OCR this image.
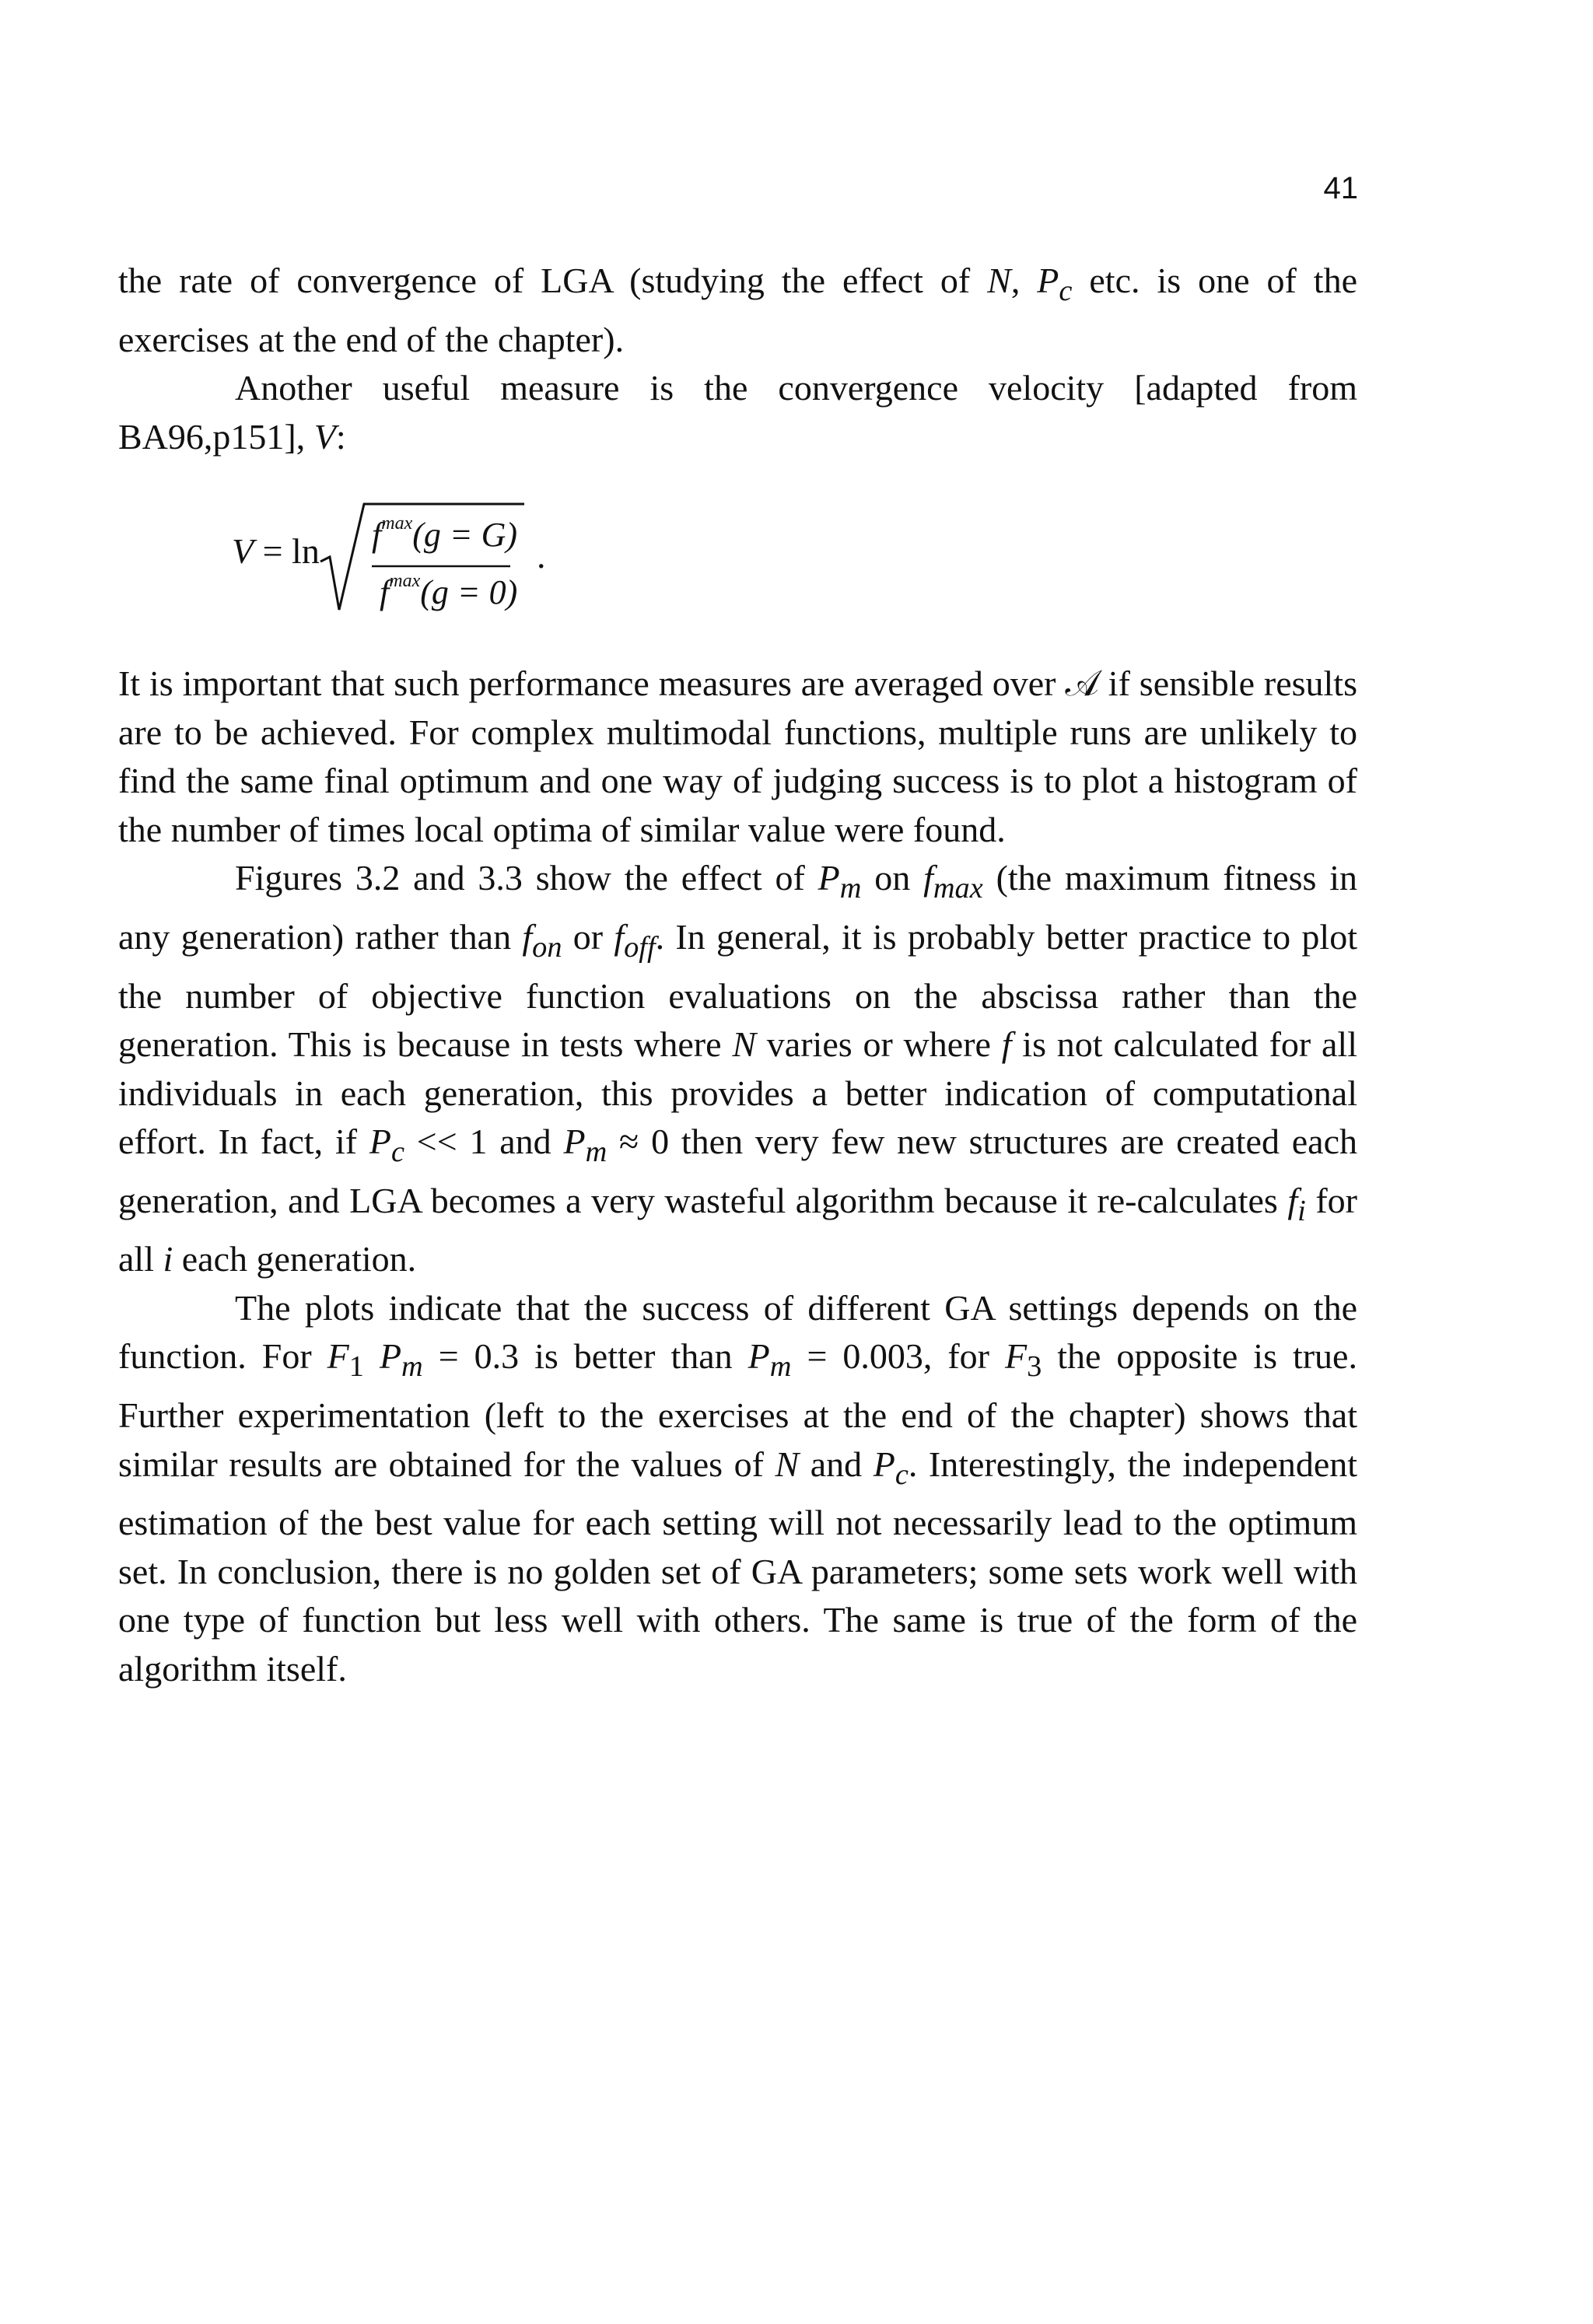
41

the rate of convergence of LGA (studying the effect of N, $P_c$ etc. is one of the exercises at the end of the chapter).

Another useful measure is the convergence velocity [adapted from BA96,p151], V:

It is important that such performance measures are averaged over 𝒜 if sensible results are to be achieved. For complex multimodal functions, multiple runs are unlikely to find the same final optimum and one way of judging success is to plot a histogram of the number of times local optima of similar value were found.

Figures 3.2 and 3.3 show the effect of $P_m$ on $f_{max}$ (the maximum fitness in any generation) rather than $f_{on}$ or $f_{off}$. In general, it is probably better practice to plot the number of objective function evaluations on the abscissa rather than the generation. This is because in tests where N varies or where f is not calculated for all individuals in each generation, this provides a better indication of computational effort. In fact, if $P_c << 1$ and $P_m \approx 0$ then very few new structures are created each generation, and LGA becomes a very wasteful algorithm because it re-calculates $f_i$ for all i each generation.

The plots indicate that the success of different GA settings depends on the function. For $F_1$ $P_m = 0.3$ is better than $P_m = 0.003$, for $F_3$ the opposite is true. Further experimentation (left to the exercises at the end of the chapter) shows that similar results are obtained for the values of N and $P_c$. Interestingly, the independent estimation of the best value for each setting will not necessarily lead to the optimum set. In conclusion, there is no golden set of GA parameters; some sets work well with one type of function but less well with others. The same is true of the form of the algorithm itself.

$V = \ln f^{max}(g = G)$
$f^{max}(g = 0)$
.
